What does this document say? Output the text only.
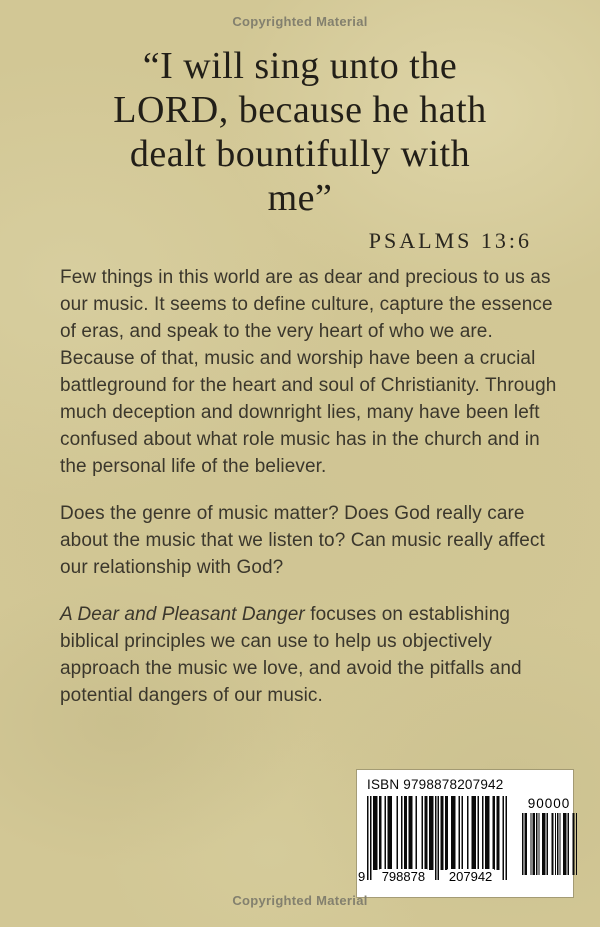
Copyrighted Material
“I will sing unto the
LORD, because he hath
dealt bountifully with
me”
PSALMS 13:6

Few things in this world are as dear and precious to us as our music. It seems to define culture, capture the essence of eras, and speak to the very heart of who we are. Because of that, music and worship have been a crucial battleground for the heart and soul of Christianity. Through much deception and downright lies, many have been left confused about what role music has in the church and in the personal life of the believer.

Does the genre of music matter? Does God really care about the music that we listen to? Can music really affect our relationship with God?

A Dear and Pleasant Danger focuses on establishing biblical principles we can use to help us objectively approach the music we love, and avoid the pitfalls and potential dangers of our music.

ISBN 9798878207942
9 798878 207942
90000
Copyrighted Material
